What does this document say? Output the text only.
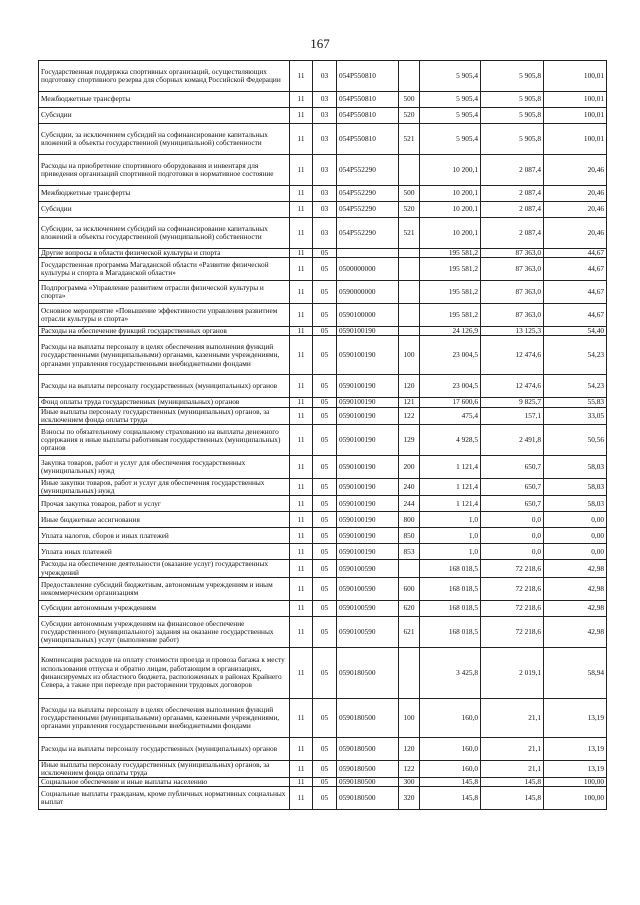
167
Государственная поддержка спортивных организаций, осуществляющих подготовку спортивного резерва для сборных команд Российской Федерации	11	03	054P550810		5 905,4	5 905,8	100,01
Межбюджетные трансферты	11	03	054P550810	500	5 905,4	5 905,8	100,01
Субсидии	11	03	054P550810	520	5 905,4	5 905,8	100,01
Субсидии, за исключением субсидий на софинансирование капитальных вложений в объекты государственной (муниципальной) собственности	11	03	054P550810	521	5 905,4	5 905,8	100,01
Расходы на приобретение спортивного оборудования и инвентаря для приведения организаций спортивной подготовки в нормативное состояние	11	03	054P552290		10 200,1	2 087,4	20,46
Межбюджетные трансферты	11	03	054P552290	500	10 200,1	2 087,4	20,46
Субсидии	11	03	054P552290	520	10 200,1	2 087,4	20,46
Субсидии, за исключением субсидий на софинансирование капитальных вложений в объекты государственной (муниципальной) собственности	11	03	054P552290	521	10 200,1	2 087,4	20,46
Другие вопросы в области физической культуры и спорта	11	05			195 581,2	87 363,0	44,67
Государственная программа Магаданской области «Развитие физической культуры и спорта в Магаданской области»	11	05	0500000000		195 581,2	87 363,0	44,67
Подпрограмма «Управление развитием отрасли физической культуры и спорта»	11	05	0590000000		195 581,2	87 363,0	44,67
Основное мероприятие «Повышение эффективности управления развитием отрасли культуры и спорта»	11	05	0590100000		195 581,2	87 363,0	44,67
Расходы на обеспечение функций государственных органов	11	05	0590100190		24 126,9	13 125,3	54,40
Расходы на выплаты персоналу в целях обеспечения выполнения функций государственными (муниципальными) органами, казенными учреждениями, органами управления государственными внебюджетными фондами	11	05	0590100190	100	23 004,5	12 474,6	54,23
Расходы на выплаты персоналу государственных (муниципальных) органов	11	05	0590100190	120	23 004,5	12 474,6	54,23
Фонд оплаты труда государственных (муниципальных) органов	11	05	0590100190	121	17 600,6	9 825,7	55,83
Иные выплаты персоналу государственных (муниципальных) органов, за исключением фонда оплаты труда	11	05	0590100190	122	475,4	157,1	33,05
Взносы по обязательному социальному страхованию на выплаты денежного содержания и иные выплаты работникам государственных (муниципальных) органов	11	05	0590100190	129	4 928,5	2 491,8	50,56
Закупка товаров, работ и услуг для обеспечения государственных (муниципальных) нужд	11	05	0590100190	200	1 121,4	650,7	58,03
Иные закупки товаров, работ и услуг для обеспечения государственных (муниципальных) нужд	11	05	0590100190	240	1 121,4	650,7	58,03
Прочая закупка товаров, работ и услуг	11	05	0590100190	244	1 121,4	650,7	58,03
Иные бюджетные ассигнования	11	05	0590100190	800	1,0	0,0	0,00
Уплата налогов, сборов и иных платежей	11	05	0590100190	850	1,0	0,0	0,00
Уплата иных платежей	11	05	0590100190	853	1,0	0,0	0,00
Расходы на обеспечение деятельности (оказание услуг) государственных учреждений	11	05	0590100590		168 018,5	72 218,6	42,98
Предоставление субсидий бюджетным, автономным учреждениям и иным некоммерческим организациям	11	05	0590100590	600	168 018,5	72 218,6	42,98
Субсидии автономным учреждениям	11	05	0590100590	620	168 018,5	72 218,6	42,98
Субсидии автономным учреждениям на финансовое обеспечение государственного (муниципального) задания на оказание государственных (муниципальных) услуг (выполнение работ)	11	05	0590100590	621	168 018,5	72 218,6	42,98
Компенсация расходов на оплату стоимости проезда и провоза багажа к месту использования отпуска и обратно лицам, работающим в организациях, финансируемых из областного бюджета, расположенных в районах Крайнего Севера, а также при переезде при расторжении трудовых договоров	11	05	0590180500		3 425,8	2 019,1	58,94
Расходы на выплаты персоналу в целях обеспечения выполнения функций государственными (муниципальными) органами, казенными учреждениями, органами управления государственными внебюджетными фондами	11	05	0590180500	100	160,0	21,1	13,19
Расходы на выплаты персоналу государственных (муниципальных) органов	11	05	0590180500	120	160,0	21,1	13,19
Иные выплаты персоналу государственных (муниципальных) органов, за исключением фонда оплаты труда	11	05	0590180500	122	160,0	21,1	13,19
Социальное обеспечение и иные выплаты населению	11	05	0590180500	300	145,8	145,8	100,00
Социальные выплаты гражданам, кроме публичных нормативных социальных выплат	11	05	0590180500	320	145,8	145,8	100,00
